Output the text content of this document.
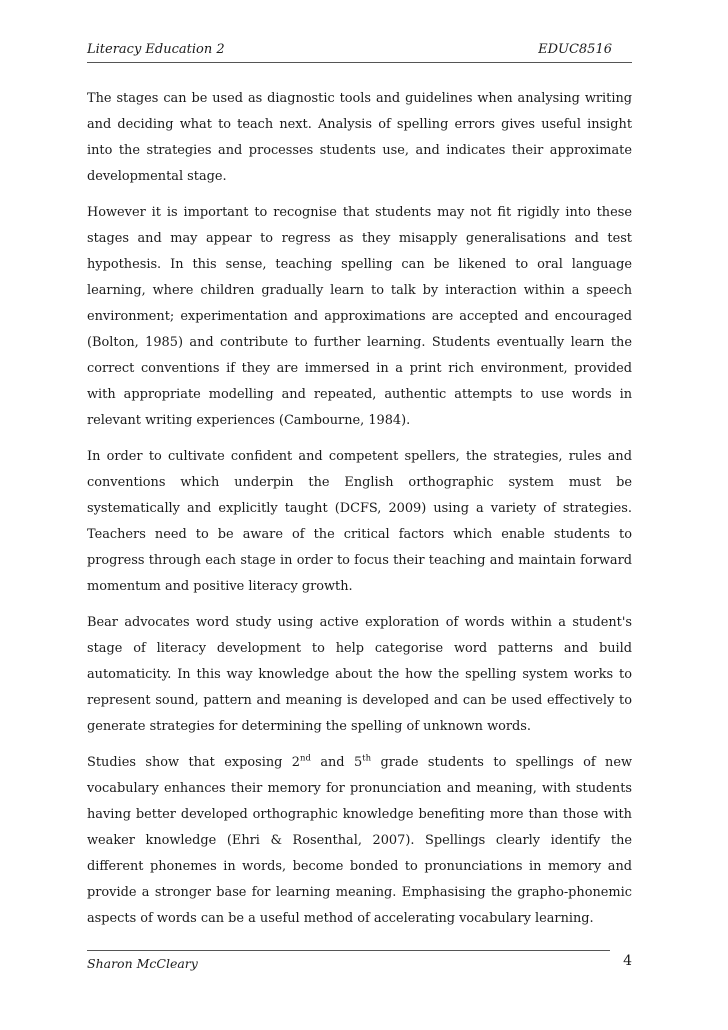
Literacy Education 2	EDUC8516

The stages can be used as diagnostic tools and guidelines when analysing writing and deciding what to teach next. Analysis of spelling errors gives useful insight into the strategies and processes students use, and indicates their approximate developmental stage.

However it is important to recognise that students may not fit rigidly into these stages and may appear to regress as they misapply generalisations and test hypothesis. In this sense, teaching spelling can be likened to oral language learning, where children gradually learn to talk by interaction within a speech environment; experimentation and approximations are accepted and encouraged (Bolton, 1985) and contribute to further learning. Students eventually learn the correct conventions if they are immersed in a print rich environment, provided with appropriate modelling and repeated, authentic attempts to use words in relevant writing experiences (Cambourne, 1984).

In order to cultivate confident and competent spellers, the strategies, rules and conventions which underpin the English orthographic system must be systematically and explicitly taught (DCFS, 2009) using a variety of strategies. Teachers need to be aware of the critical factors which enable students to progress through each stage in order to focus their teaching and maintain forward momentum and positive literacy growth.

Bear advocates word study using active exploration of words within a student's stage of literacy development to help categorise word patterns and build automaticity. In this way knowledge about the how the spelling system works to represent sound, pattern and meaning is developed and can be used effectively to generate strategies for determining the spelling of unknown words.

Studies show that exposing 2nd and 5th grade students to spellings of new vocabulary enhances their memory for pronunciation and meaning, with students having better developed orthographic knowledge benefiting more than those with weaker knowledge (Ehri & Rosenthal, 2007). Spellings clearly identify the different phonemes in words, become bonded to pronunciations in memory and provide a stronger base for learning meaning. Emphasising the grapho-phonemic aspects of words can be a useful method of accelerating vocabulary learning.

Sharon McCleary	4
